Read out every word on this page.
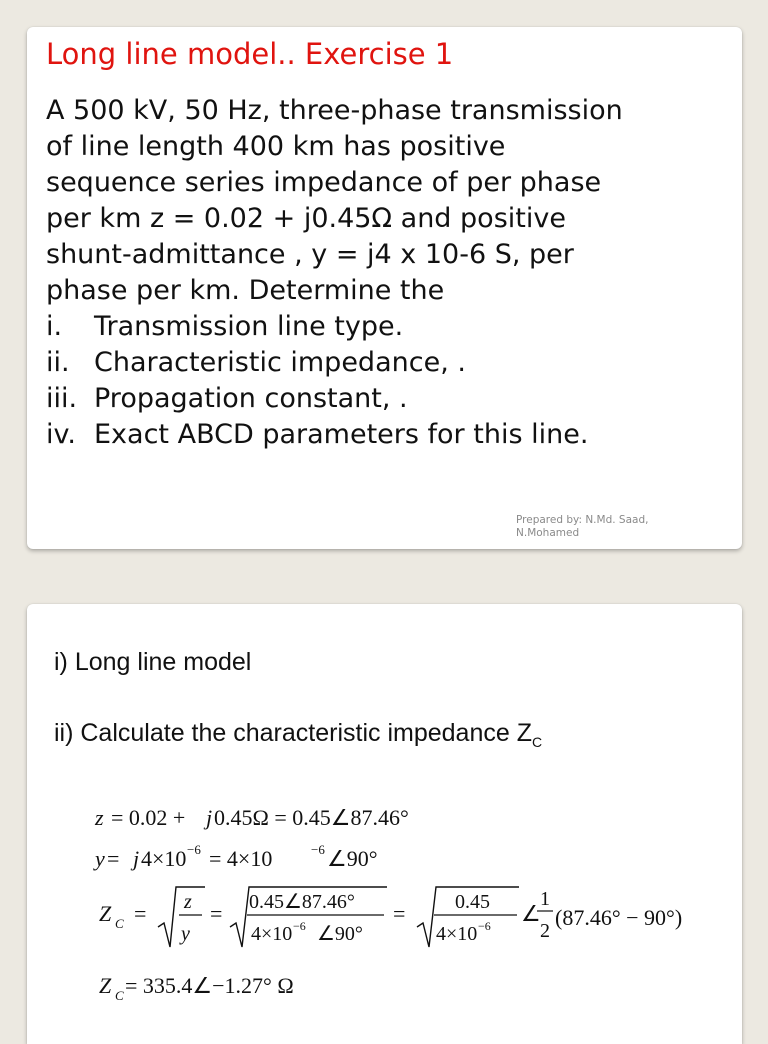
Long line model.. Exercise 1
A 500 kV, 50 Hz, three-phase transmission
of line length 400 km has positive
sequence series impedance of per phase
per km z = 0.02 + j0.45Ω and positive
shunt-admittance , y = j4 x 10-6 S, per
phase per km. Determine the
i.	Transmission line type.
ii. Characteristic impedance, .
iii. Propagation constant, .
iv. Exact ABCD parameters for this line.
Prepared by: N.Md. Saad,
N.Mohamed
i) Long line model
ii) Calculate the characteristic impedance $Z_C$
z = 0.02 + j 0.45Ω = 0.45∠87.46°
y = j 4×10 −6 = 4×10	−6 ∠90°
Z C = z
y
= 0.45∠87.46°
4×10 −6 ∠90°
= 0.45
4×10 −6 ∠
1
2
(87.46° − 90°)
Z C = 335.4∠−1.27° Ω
